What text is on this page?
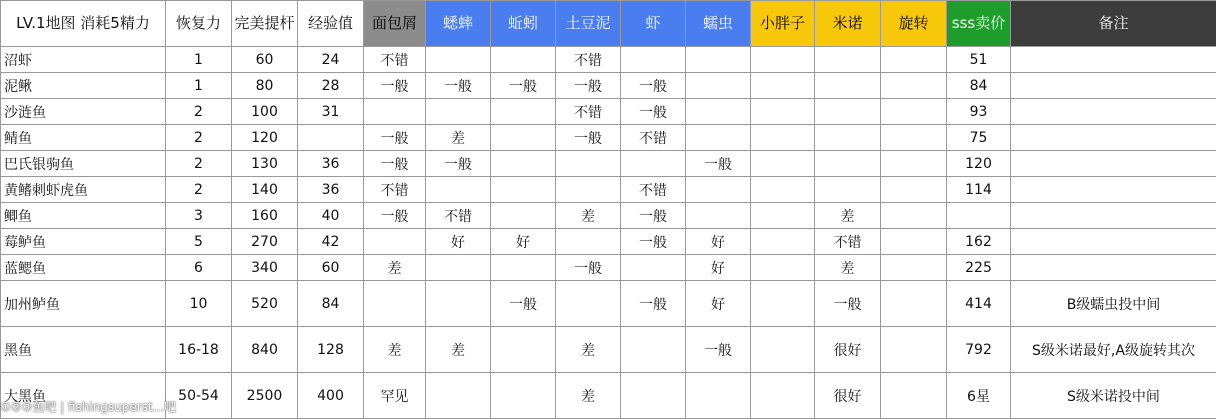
LV.1地图 消耗5精力	恢复力	完美提杆	经验值	面包屑	蟋蟀	蚯蚓	土豆泥	虾	蠕虫	小胖子	米诺	旋转	sss卖价	备注
沼虾	1	60	24	不错			不错						51	
泥鳅	1	80	28	一般	一般	一般	一般	一般					84	
沙涟鱼	2	100	31				不错	一般					93	
鲭鱼	2	120		一般	差		一般	不错					75	
巴氏银驹鱼	2	130	36	一般	一般				一般				120	
黄鳍刺虾虎鱼	2	140	36	不错				不错					114	
鲫鱼	3	160	40	一般	不错		差	一般			差			
莓鲈鱼	5	270	42		好	好		一般	好		不错		162	
蓝鳃鱼	6	340	60	差			一般		好		差		225	
加州鲈鱼	10	520	84			一般		一般	好		一般		414	B级蠕虫投中间
黑鱼	16-18	840	128	差	差		差		一般		很好		792	S级米诺最好,A级旋转其次
大黑鱼	50-54	2500	400	罕见			差				很好		6星	S级米诺投中间
①②③鱼吧 | fishingsuperst...吧
